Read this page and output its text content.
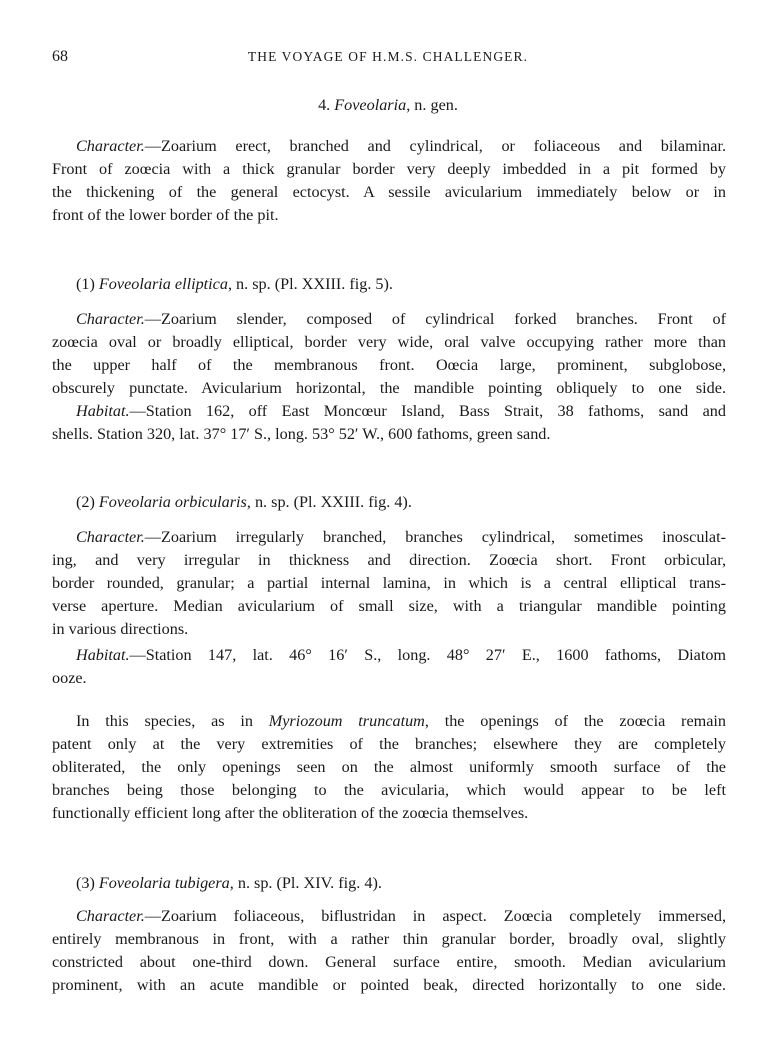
68	THE VOYAGE OF H.M.S. CHALLENGER.
4. Foveolaria, n. gen.
Character.—Zoarium erect, branched and cylindrical, or foliaceous and bilaminar.
Front of zoœcia with a thick granular border very deeply imbedded in a pit formed by
the thickening of the general ectocyst. A sessile avicularium immediately below or in
front of the lower border of the pit.
(1) Foveolaria elliptica, n. sp. (Pl. XXIII. fig. 5).
Character.—Zoarium slender, composed of cylindrical forked branches. Front of
zoœcia oval or broadly elliptical, border very wide, oral valve occupying rather more than
the upper half of the membranous front. Oœcia large, prominent, subglobose,
obscurely punctate. Avicularium horizontal, the mandible pointing obliquely to one side.
Habitat.—Station 162, off East Moncœur Island, Bass Strait, 38 fathoms, sand and
shells. Station 320, lat. 37° 17′ S., long. 53° 52′ W., 600 fathoms, green sand.
(2) Foveolaria orbicularis, n. sp. (Pl. XXIII. fig. 4).
Character.—Zoarium irregularly branched, branches cylindrical, sometimes inosculat-
ing, and very irregular in thickness and direction. Zoœcia short. Front orbicular,
border rounded, granular; a partial internal lamina, in which is a central elliptical trans-
verse aperture. Median avicularium of small size, with a triangular mandible pointing
in various directions.
Habitat.—Station 147, lat. 46° 16′ S., long. 48° 27′ E., 1600 fathoms, Diatom
ooze.
In this species, as in Myriozoum truncatum, the openings of the zoœcia remain
patent only at the very extremities of the branches; elsewhere they are completely
obliterated, the only openings seen on the almost uniformly smooth surface of the
branches being those belonging to the avicularia, which would appear to be left
functionally efficient long after the obliteration of the zoœcia themselves.
(3) Foveolaria tubigera, n. sp. (Pl. XIV. fig. 4).
Character.—Zoarium foliaceous, biflustridan in aspect. Zoœcia completely immersed,
entirely membranous in front, with a rather thin granular border, broadly oval, slightly
constricted about one-third down. General surface entire, smooth. Median avicularium
prominent, with an acute mandible or pointed beak, directed horizontally to one side.
